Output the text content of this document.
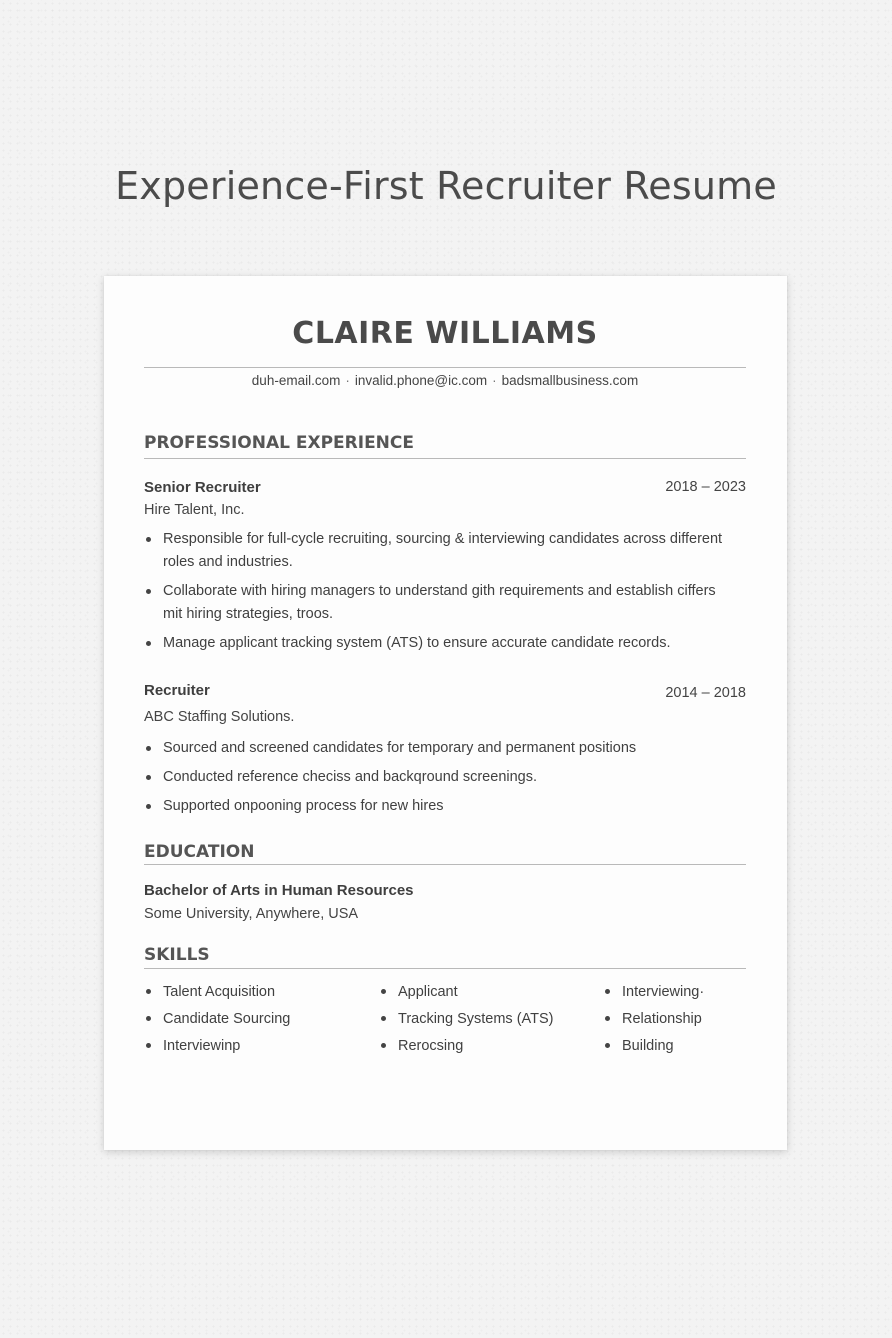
Experience-First Recruiter Resume
CLAIRE WILLIAMS
duh-email.com · invalid.phone@ic.com · badsmallbusiness.com
PROFESSIONAL EXPERIENCE
Senior Recruiter	2018 – 2023
Hire Talent, Inc.
Responsible for full-cycle recruiting, sourcing & interviewing candidates across different roles and industries.
Collaborate with hiring managers to understand gith requirements and establish ciffers mit hiring strategies, troos.
Manage applicant tracking system (ATS) to ensure accurate candidate records.
Recruiter	2014 – 2018
ABC Staffing Solutions.
Sourced and screened candidates for temporary and permanent positions
Conducted reference checiss and backqround screenings.
Supported onpooning process for new hires
EDUCATION
Bachelor of Arts in Human Resources
Some University, Anywhere, USA
SKILLS
Talent Acquisition
Candidate Sourcing
Interviewinp
Applicant
Tracking Systems (ATS)
Rerocsing
Interviewing·
Relationship
Building
